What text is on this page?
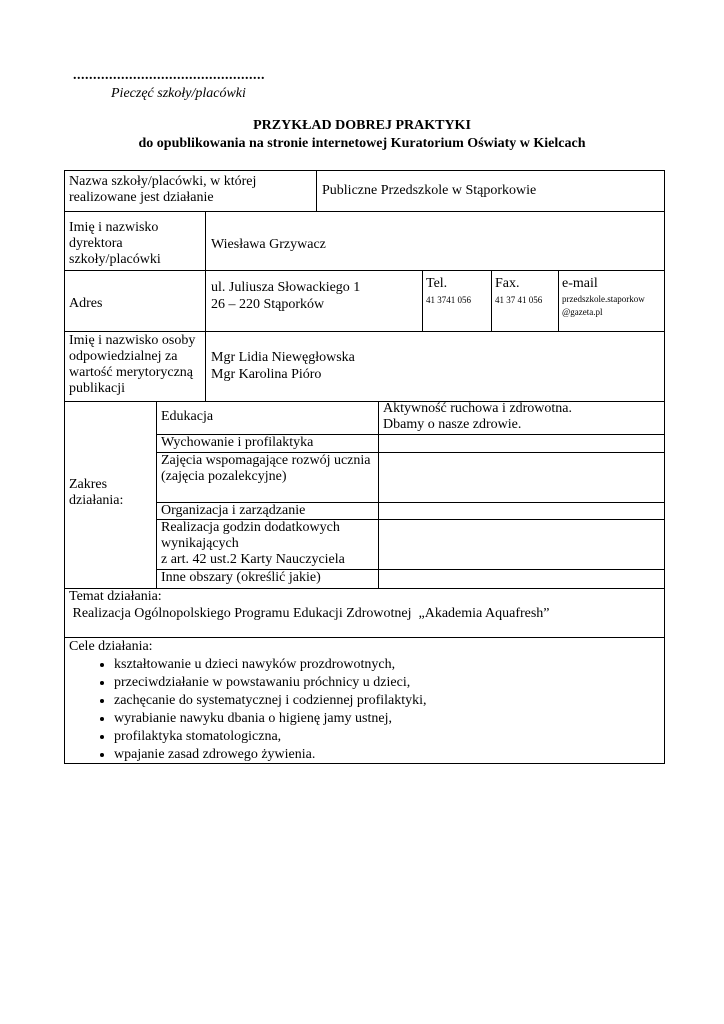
................................................
Pieczęć szkoły/placówki
PRZYKŁAD DOBREJ PRAKTYKI
do opublikowania na stronie internetowej Kuratorium Oświaty w Kielcach
Nazwa szkoły/placówki, w której realizowane jest działanie	Publiczne Przedszkole w Stąporkowie
Imię i nazwisko dyrektora szkoły/placówki
Wiesława Grzywacz
Adres
ul. Juliusza Słowackiego 1
26 – 220 Stąporków
Tel.
41 3741 056
Fax.
41 37 41 056
e-mail
przedszkole.staporkow
@gazeta.pl
Imię i nazwisko osoby odpowiedzialnej za wartość merytoryczną publikacji
Mgr Lidia Niewęgłowska
Mgr Karolina Pióro
Zakres działania:
Edukacja
Wychowanie i profilaktyka
Zajęcia wspomagające rozwój ucznia
(zajęcia pozalekcyjne)
Organizacja i zarządzanie
Realizacja godzin dodatkowych wynikających
z art. 42 ust.2 Karty Nauczyciela
Inne obszary (określić jakie)
Aktywność ruchowa i zdrowotna.
Dbamy o nasze zdrowie.
Temat działania:
Realizacja Ogólnopolskiego Programu Edukacji Zdrowotnej  „Akademia Aquafresh”
Cele działania:
• kształtowanie u dzieci nawyków prozdrowotnych,
• przeciwdziałanie w powstawaniu próchnicy u dzieci,
• zachęcanie do systematycznej i codziennej profilaktyki,
• wyrabianie nawyku dbania o higienę jamy ustnej,
• profilaktyka stomatologiczna,
• wpajanie zasad zdrowego żywienia.
